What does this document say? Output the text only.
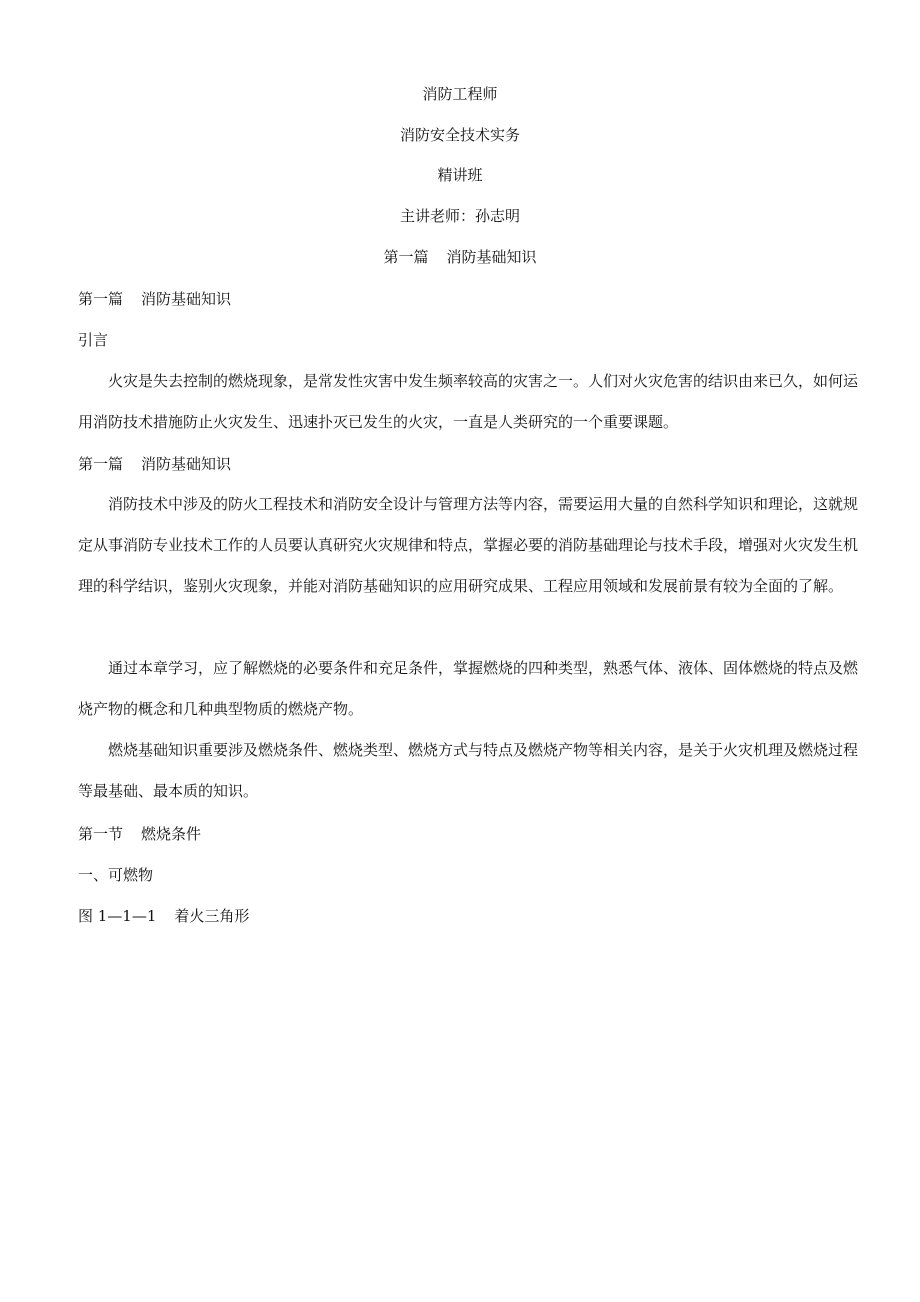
消防工程师
消防安全技术实务
精讲班
主讲老师：孙志明
第一篇 消防基础知识
第一篇 消防基础知识
引言
火灾是失去控制的燃烧现象，是常发性灾害中发生频率较高的灾害之一。人们对火灾危害的结识由来已久，如何运用消防技术措施防止火灾发生、迅速扑灭已发生的火灾，一直是人类研究的一个重要课题。
第一篇 消防基础知识
消防技术中涉及的防火工程技术和消防安全设计与管理方法等内容，需要运用大量的自然科学知识和理论，这就规定从事消防专业技术工作的人员要认真研究火灾规律和特点，掌握必要的消防基础理论与技术手段，增强对火灾发生机理的科学结识，鉴别火灾现象，并能对消防基础知识的应用研究成果、工程应用领域和发展前景有较为全面的了解。
通过本章学习，应了解燃烧的必要条件和充足条件，掌握燃烧的四种类型，熟悉气体、液体、固体燃烧的特点及燃烧产物的概念和几种典型物质的燃烧产物。
燃烧基础知识重要涉及燃烧条件、燃烧类型、燃烧方式与特点及燃烧产物等相关内容，是关于火灾机理及燃烧过程等最基础、最本质的知识。
第一节 燃烧条件
一、可燃物
图 1—1—1 着火三角形
